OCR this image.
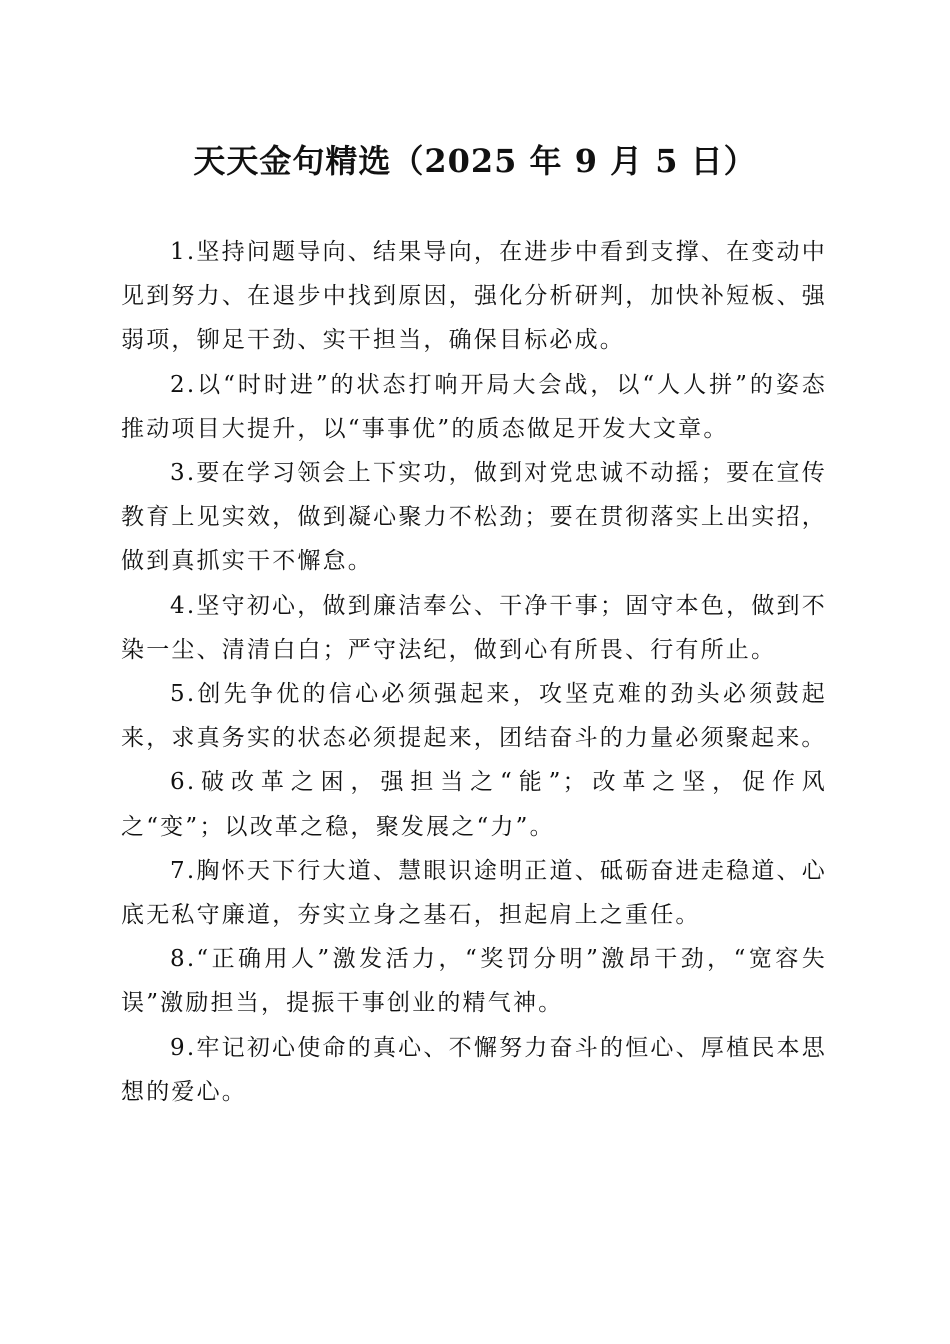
天天金句精选（2025 年 9 月 5 日）

1.坚持问题导向、结果导向，在进步中看到支撑、在变动中见到努力、在退步中找到原因，强化分析研判，加快补短板、强弱项，铆足干劲、实干担当，确保目标必成。

2.以“时时进”的状态打响开局大会战，以“人人拼”的姿态推动项目大提升，以“事事优”的质态做足开发大文章。

3.要在学习领会上下实功，做到对党忠诚不动摇；要在宣传教育上见实效，做到凝心聚力不松劲；要在贯彻落实上出实招，做到真抓实干不懈怠。

4.坚守初心，做到廉洁奉公、干净干事；固守本色，做到不染一尘、清清白白；严守法纪，做到心有所畏、行有所止。

5.创先争优的信心必须强起来，攻坚克难的劲头必须鼓起来，求真务实的状态必须提起来，团结奋斗的力量必须聚起来。

6.破改革之困，强担当之“能”；改革之坚，促作风之“变”；以改革之稳，聚发展之“力”。

7.胸怀天下行大道、慧眼识途明正道、砥砺奋进走稳道、心底无私守廉道，夯实立身之基石，担起肩上之重任。

8.“正确用人”激发活力，“奖罚分明”激昂干劲，“宽容失误”激励担当，提振干事创业的精气神。

9.牢记初心使命的真心、不懈努力奋斗的恒心、厚植民本思想的爱心。
